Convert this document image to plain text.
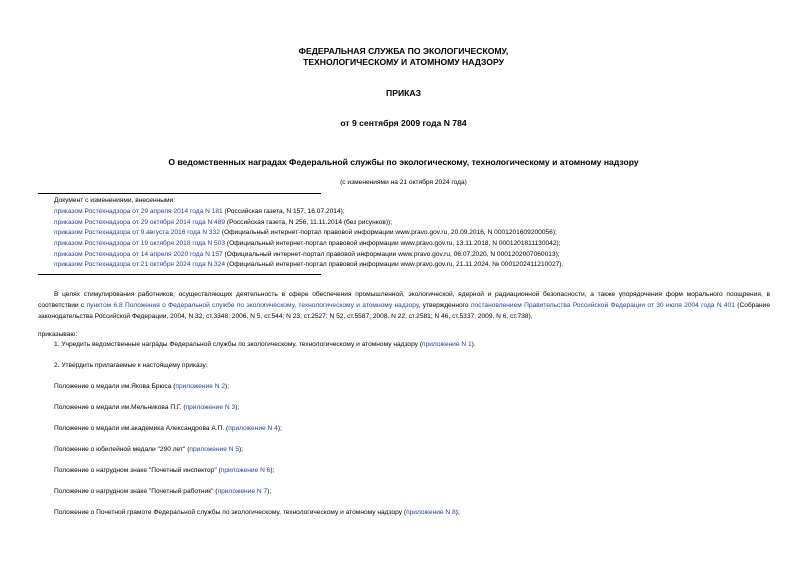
ФЕДЕРАЛЬНАЯ СЛУЖБА ПО ЭКОЛОГИЧЕСКОМУ,
ТЕХНОЛОГИЧЕСКОМУ И АТОМНОМУ НАДЗОРУ
ПРИКАЗ
от 9 сентября 2009 года N 784
О ведомственных наградах Федеральной службы по экологическому, технологическому и атомному надзору
(с изменениями на 21 октября 2024 года)
Документ с изменениями, внесенными:
приказом Ростехнадзора от 29 апреля 2014 года N 181 (Российская газета, N 157, 16.07.2014);
приказом Ростехнадзора от 29 октября 2014 года N 489 (Российская газета, N 256, 11.11.2014 (без рисунков));
приказом Ростехнадзора от 9 августа 2016 года N 332 (Официальный интернет-портал правовой информации www.pravo.gov.ru, 20.09.2016, N 0001201609200056);
приказом Ростехнадзора от 19 октября 2018 года N 503 (Официальный интернет-портал правовой информации www.pravo.gov.ru, 13.11.2018, N 0001201811130042);
приказом Ростехнадзора от 14 апреля 2020 года N 157 (Официальный интернет-портал правовой информации www.pravo.gov.ru, 06.07.2020, N 0001202007060013);
приказом Ростехнадзора от 21 октября 2024 года N 324 (Официальный интернет-портал правовой информации www.pravo.gov.ru, 21.11.2024, № 0001202411210027).
В целях стимулирования работников, осуществляющих деятельность в сфере обеспечения промышленной, экологической, ядерной и радиационной безопасности, а также упорядочения форм морального поощрения, в соответствии с пунктом 6.8 Положения о Федеральной службе по экологическому, технологическому и атомному надзору, утвержденного постановлением Правительства Российской Федерации от 30 июля 2004 года N 401 (Собрание законодательства Российской Федерации, 2004, N 32, ст.3348; 2006, N 5, ст.544; N 23, ст.2527; N 52, ст.5587; 2008, N 22, ст.2581; N 46, ст.5337; 2009, N 6, ст.738),
приказываю:
1. Учредить ведомственные награды Федеральной службы по экологическому, технологическому и атомному надзору (приложение N 1).
2. Утвердить прилагаемые к настоящему приказу:
Положение о медали им.Якова Брюса (приложение N 2);
Положение о медали им.Мельникова П.Г. (приложение N 3);
Положение о медали им.академика Александрова А.П. (приложение N 4);
Положение о юбилейной медали "290 лет" (приложение N 5);
Положение о нагрудном знаке "Почетный инспектор" (приложение N 6);
Положение о нагрудном знаке "Почетный работник" (приложение N 7);
Положение о Почетной грамоте Федеральной службы по экологическому, технологическому и атомному надзору (приложение N 8);
